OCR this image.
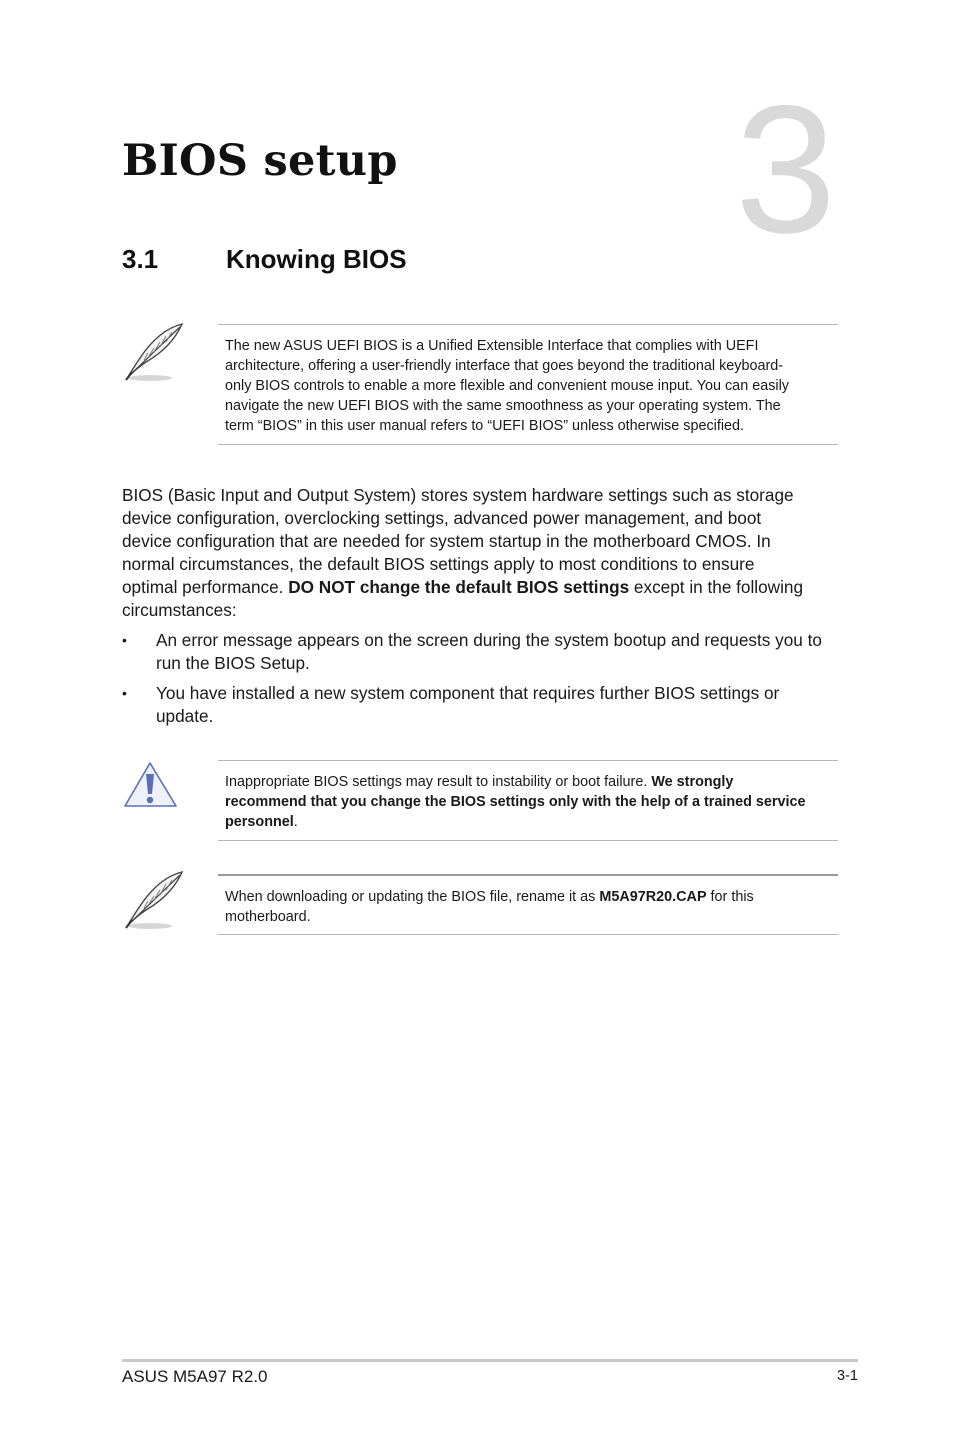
3
BIOS setup
3.1	Knowing BIOS

The new ASUS UEFI BIOS is a Unified Extensible Interface that complies with UEFI
architecture, offering a user-friendly interface that goes beyond the traditional keyboard-
only BIOS controls to enable a more flexible and convenient mouse input. You can easily
navigate the new UEFI BIOS with the same smoothness as your operating system. The
term “BIOS” in this user manual refers to “UEFI BIOS” unless otherwise specified.

BIOS (Basic Input and Output System) stores system hardware settings such as storage
device configuration, overclocking settings, advanced power management, and boot
device configuration that are needed for system startup in the motherboard CMOS. In
normal circumstances, the default BIOS settings apply to most conditions to ensure
optimal performance. DO NOT change the default BIOS settings except in the following
circumstances:

• An error message appears on the screen during the system bootup and requests you to
run the BIOS Setup.
• You have installed a new system component that requires further BIOS settings or
update.

Inappropriate BIOS settings may result to instability or boot failure. We strongly
recommend that you change the BIOS settings only with the help of a trained service
personnel.

When downloading or updating the BIOS file, rename it as M5A97R20.CAP for this
motherboard.

ASUS M5A97 R2.0	3-1
